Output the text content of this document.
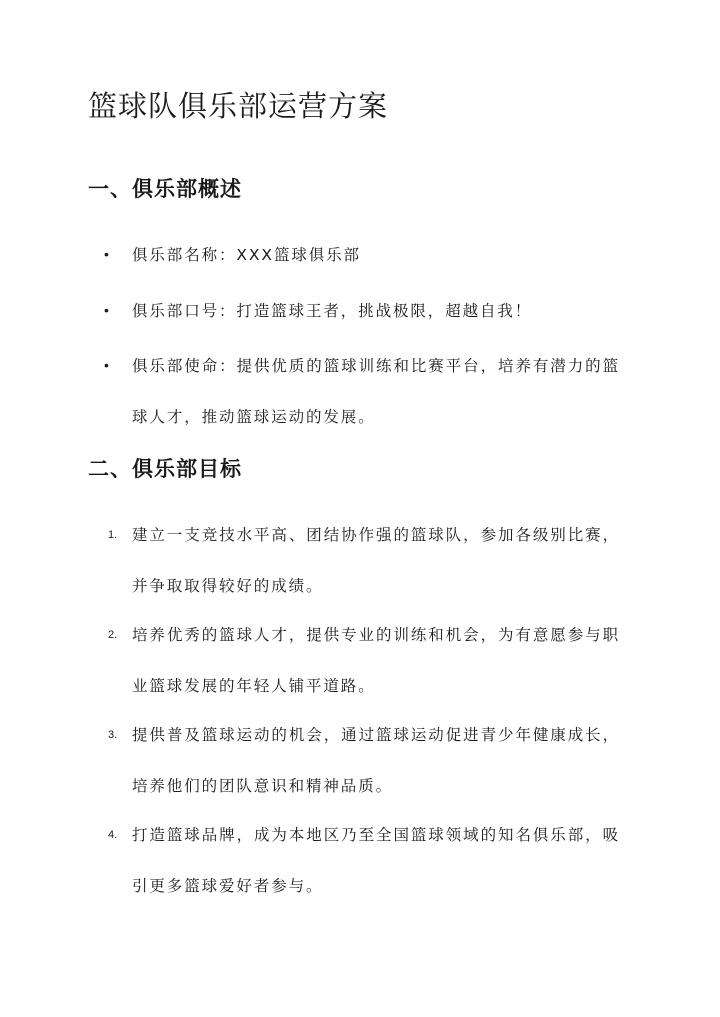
篮球队俱乐部运营方案
一、俱乐部概述
• 俱乐部名称：XXX篮球俱乐部

• 俱乐部口号：打造篮球王者，挑战极限，超越自我！

• 俱乐部使命：提供优质的篮球训练和比赛平台，培养有潜力的篮球人才，推动篮球运动的发展。

二、俱乐部目标
1. 建立一支竞技水平高、团结协作强的篮球队，参加各级别比赛，并争取取得较好的成绩。

2. 培养优秀的篮球人才，提供专业的训练和机会，为有意愿参与职业篮球发展的年轻人铺平道路。

3. 提供普及篮球运动的机会，通过篮球运动促进青少年健康成长，培养他们的团队意识和精神品质。

4. 打造篮球品牌，成为本地区乃至全国篮球领域的知名俱乐部，吸引更多篮球爱好者参与。
